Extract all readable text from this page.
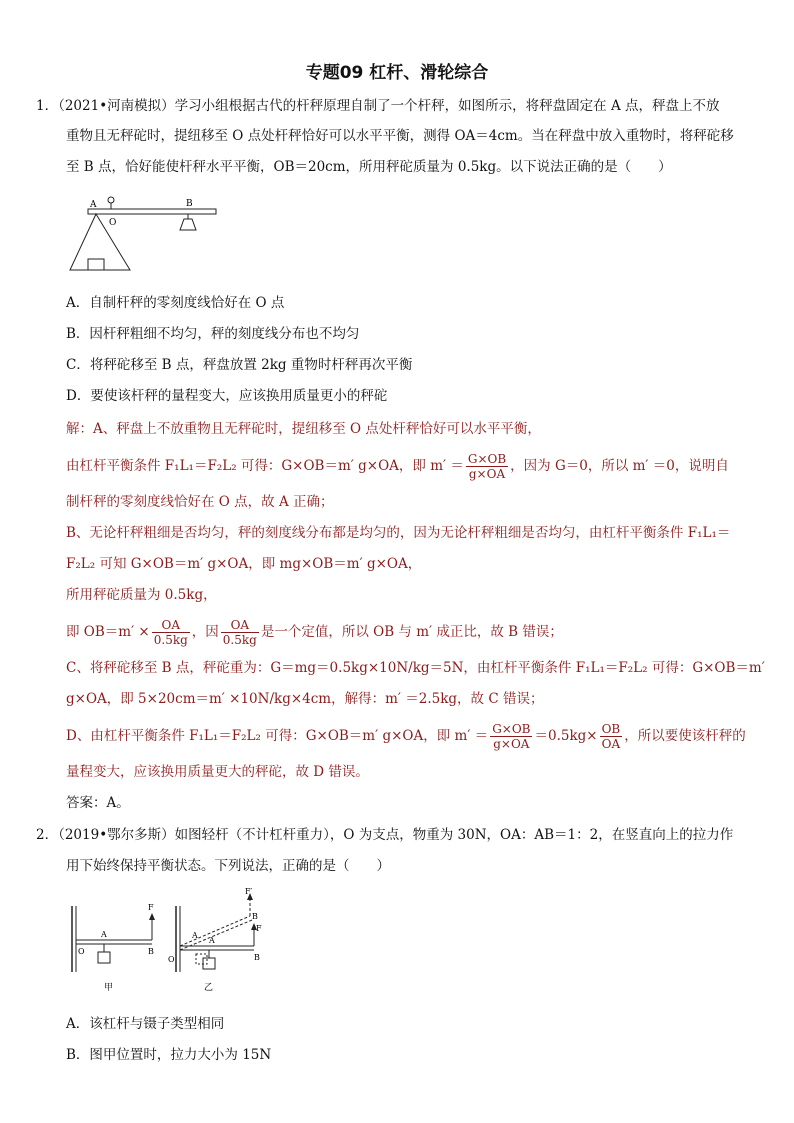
专题09 杠杆、滑轮综合
1．（2021•河南模拟）学习小组根据古代的杆秤原理自制了一个杆秤，如图所示，将秤盘固定在 A 点，秤盘上不放
重物且无秤砣时，提纽移至 O 点处杆秤恰好可以水平平衡，测得 OA＝4cm。当在秤盘中放入重物时，将秤砣移
至 B 点，恰好能使杆秤水平平衡，OB＝20cm，所用秤砣质量为 0.5kg。以下说法正确的是（　　）
A
O
B
A．自制杆秤的零刻度线恰好在 O 点
B．因杆秤粗细不均匀，秤的刻度线分布也不均匀
C．将秤砣移至 B 点，秤盘放置 2kg 重物时杆秤再次平衡
D．要使该杆秤的量程变大，应该换用质量更小的秤砣
解：A、秤盘上不放重物且无秤砣时，提纽移至 O 点处杆秤恰好可以水平平衡，
由杠杆平衡条件 F₁L₁＝F₂L₂ 可得：G×OB＝m′ g×OA，即 $m' = \frac{G\times OB}{g\times OA}$ ，因为 G＝0，所以 m′ ＝0，说明自
制杆秤的零刻度线恰好在 O 点，故 A 正确；
B、无论杆秤粗细是否均匀，秤的刻度线分布都是均匀的，因为无论杆秤粗细是否均匀，由杠杆平衡条件 F₁L₁＝
F₂L₂ 可知 G×OB＝m′ g×OA，即 mg×OB＝m′ g×OA，
所用秤砣质量为 0.5kg，
即 $OB=m' \times \frac{OA}{0.5kg}$ ，因 $\frac{OA}{0.5kg}$ 是一个定值，所以 OB 与 m′ 成正比，故 B 错误；
C、将秤砣移至 B 点，秤砣重为：G＝mg＝0.5kg×10N/kg＝5N，由杠杆平衡条件 F₁L₁＝F₂L₂ 可得：G×OB＝m′
g×OA，即 5×20cm＝m′ ×10N/kg×4cm，解得：m′ ＝2.5kg，故 C 错误；
D、由杠杆平衡条件 F₁L₁＝F₂L₂ 可得：G×OB＝m′ g×OA，即 $m' = \frac{G\times OB}{g\times OA} =0.5kg\times \frac{OB}{OA}$ ，所以要使该杆秤的
量程变大，应该换用质量更大的秤砣，故 D 错误。
答案：A。
2．（2019•鄂尔多斯）如图轻杆（不计杠杆重力），O 为支点，物重为 30N，OA：AB＝1：2，在竖直向上的拉力作
用下始终保持平衡状态。下列说法，正确的是（　　）
F
A
O	B
甲
F′
A
A
O	B
B
F
乙
A．该杠杆与镊子类型相同
B．图甲位置时，拉力大小为 15N
